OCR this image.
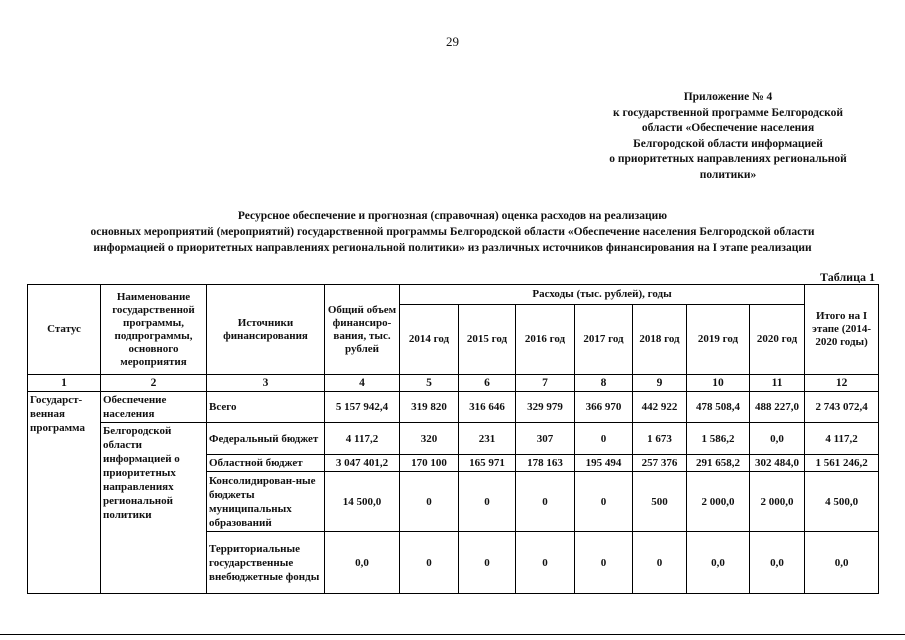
29
Приложение № 4
к государственной программе Белгородской
области «Обеспечение населения
Белгородской области информацией
о приоритетных направлениях региональной
политики»
Ресурсное обеспечение и прогнозная (справочная) оценка расходов на реализацию
основных мероприятий (мероприятий) государственной программы Белгородской области «Обеспечение населения Белгородской области
информацией о приоритетных направлениях региональной политики» из различных источников финансирования на I этапе реализации
Таблица 1
Статус	Наименование государственной программы, подпрограммы, основного мероприятия	Источники финансирования	Общий объем финансиро-вания, тыс. рублей	Расходы (тыс. рублей), годы							Итого на I этапе (2014-2020 годы)
				2014 год	2015 год	2016 год	2017 год	2018 год	2019 год	2020 год	
1	2	3	4	5	6	7	8	9	10	11	12
Государст-венная программа	Обеспечение населения	Всего	5 157 942,4	319 820	316 646	329 979	366 970	442 922	478 508,4	488 227,0	2 743 072,4
	Белгородской области информацией о приоритетных направлениях региональной политики	Федеральный бюджет	4 117,2	320	231	307	0	1 673	1 586,2	0,0	4 117,2
		Областной бюджет	3 047 401,2	170 100	165 971	178 163	195 494	257 376	291 658,2	302 484,0	1 561 246,2
		Консолидирован-ные бюджеты муниципальных образований	14 500,0	0	0	0	0	500	2 000,0	2 000,0	4 500,0
		Территориальные государственные внебюджетные фонды	0,0	0	0	0	0	0	0,0	0,0	0,0
